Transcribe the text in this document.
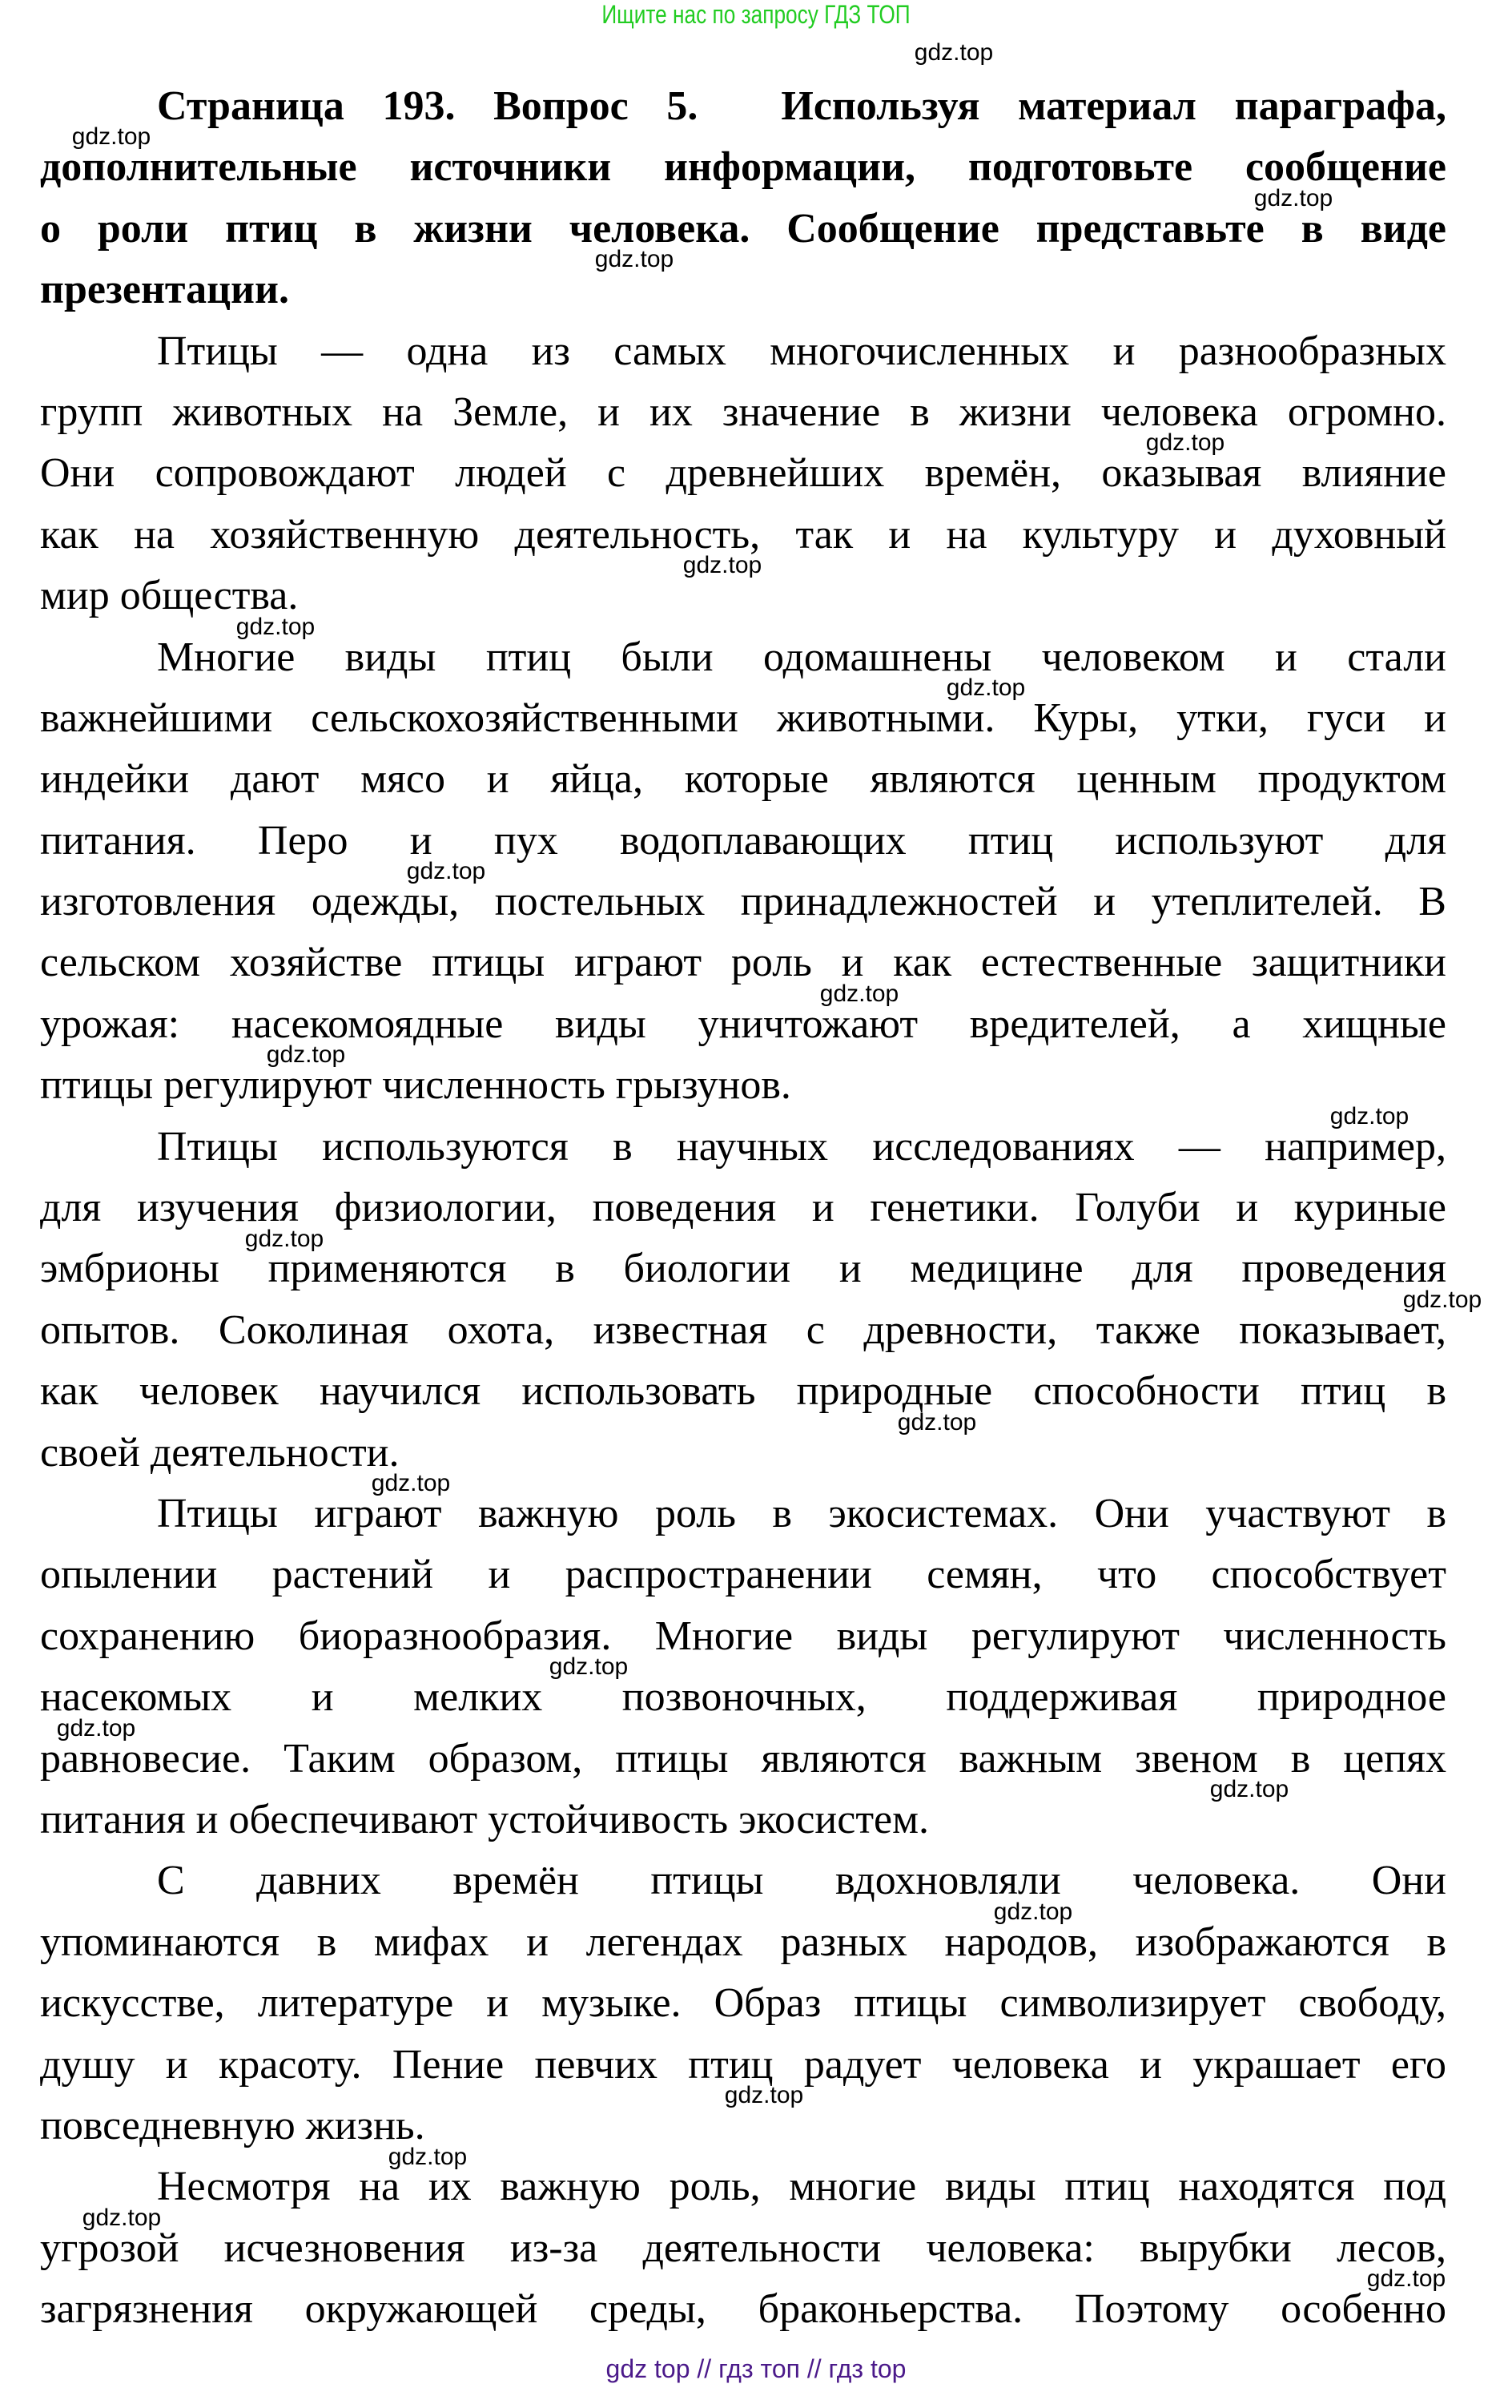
Ищите нас по запросу ГДЗ ТОП
Страница 193. Вопрос 5.  Используя материал параграфа,
дополнительные источники информации, подготовьте сообщение
о роли птиц в жизни человека. Сообщение представьте в виде
презентации.
Птицы — одна из самых многочисленных и разнообразных
групп животных на Земле, и их значение в жизни человека огромно.
Они сопровождают людей с древнейших времён, оказывая влияние
как на хозяйственную деятельность, так и на культуру и духовный
мир общества.
Многие виды птиц были одомашнены человеком и стали
важнейшими сельскохозяйственными животными. Куры, утки, гуси и
индейки дают мясо и яйца, которые являются ценным продуктом
питания. Перо и пух водоплавающих птиц используют для
изготовления одежды, постельных принадлежностей и утеплителей. В
сельском хозяйстве птицы играют роль и как естественные защитники
урожая: насекомоядные виды уничтожают вредителей, а хищные
птицы регулируют численность грызунов.
Птицы используются в научных исследованиях — например,
для изучения физиологии, поведения и генетики. Голуби и куриные
эмбрионы применяются в биологии и медицине для проведения
опытов. Соколиная охота, известная с древности, также показывает,
как человек научился использовать природные способности птиц в
своей деятельности.
Птицы играют важную роль в экосистемах. Они участвуют в
опылении растений и распространении семян, что способствует
сохранению биоразнообразия. Многие виды регулируют численность
насекомых и мелких позвоночных, поддерживая природное
равновесие. Таким образом, птицы являются важным звеном в цепях
питания и обеспечивают устойчивость экосистем.
С давних времён птицы вдохновляли человека. Они
упоминаются в мифах и легендах разных народов, изображаются в
искусстве, литературе и музыке. Образ птицы символизирует свободу,
душу и красоту. Пение певчих птиц радует человека и украшает его
повседневную жизнь.
Несмотря на их важную роль, многие виды птиц находятся под
угрозой исчезновения из-за деятельности человека: вырубки лесов,
загрязнения окружающей среды, браконьерства. Поэтому особенно
gdz.top
gdz.top
gdz.top
gdz.top
gdz.top
gdz.top
gdz.top
gdz.top
gdz.top
gdz.top
gdz.top
gdz.top
gdz.top
gdz.top
gdz.top
gdz.top
gdz.top
gdz.top
gdz.top
gdz.top
gdz.top
gdz.top
gdz.top
gdz.top
gdz top // гдз топ // гдз top
